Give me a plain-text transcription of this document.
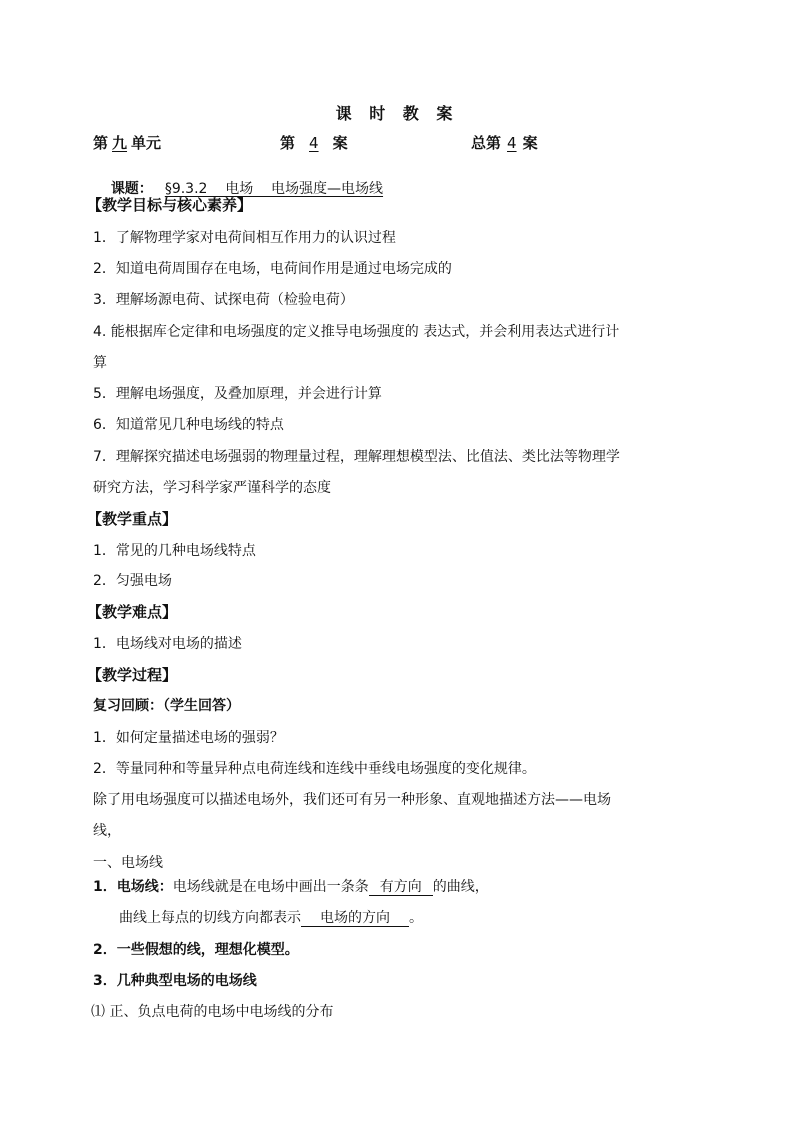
课 时 教 案
第 九 单元	第 4 案	总第 4 案

课题： §9.3.2    电场    电场强度—电场线

【教学目标与核心素养】
1．了解物理学家对电荷间相互作用力的认识过程
2．知道电荷周围存在电场，电荷间作用是通过电场完成的
3．理解场源电荷、试探电荷（检验电荷）
4. 能根据库仑定律和电场强度的定义推导电场强度的 表达式，并会利用表达式进行计
算
5．理解电场强度，及叠加原理，并会进行计算
6．知道常见几种电场线的特点
7．理解探究描述电场强弱的物理量过程，理解理想模型法、比值法、类比法等物理学
研究方法，学习科学家严谨科学的态度
【教学重点】
1．常见的几种电场线特点
2．匀强电场
【教学难点】
1．电场线对电场的描述
【教学过程】
复习回顾：（学生回答）
1．如何定量描述电场的强弱？
2．等量同种和等量异种点电荷连线和连线中垂线电场强度的变化规律。
除了用电场强度可以描述电场外，我们还可有另一种形象、直观地描述方法——电场
线，
一、电场线
1．电场线：电场线就是在电场中画出一条条 有方向 的曲线，
曲线上每点的切线方向都表示 电场的方向 。
2．一些假想的线，理想化模型。
3．几种典型电场的电场线
⑴ 正、负点电荷的电场中电场线的分布
